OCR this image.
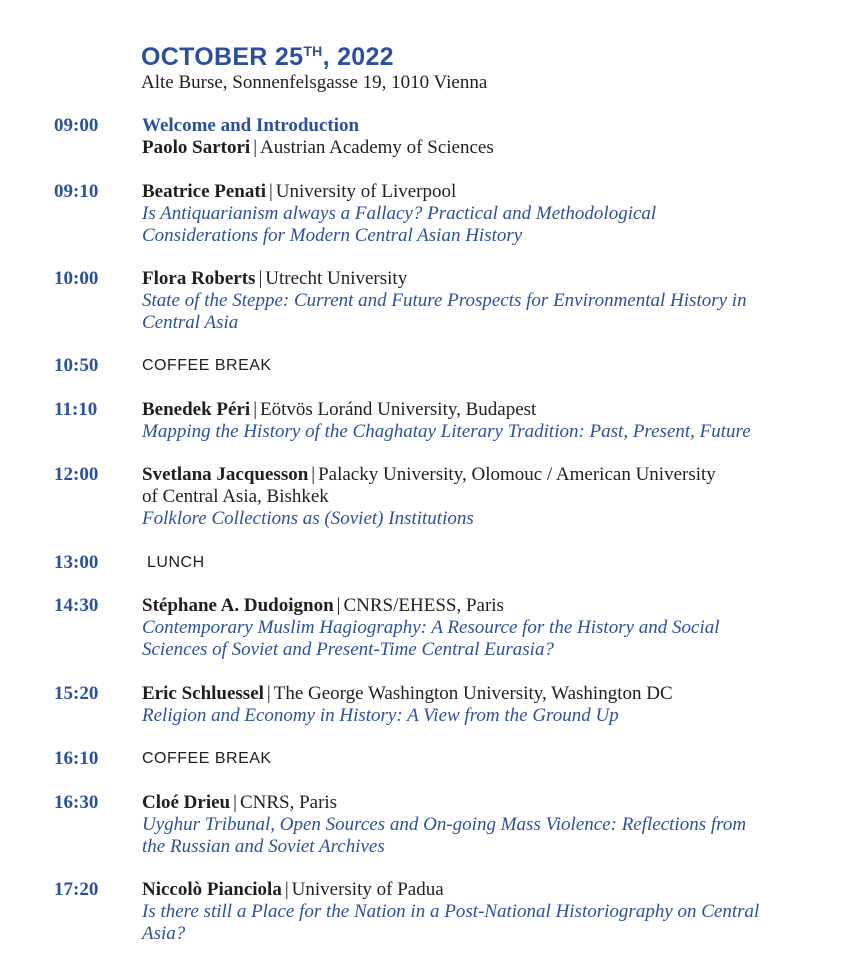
OCTOBER 25TH, 2022
Alte Burse, Sonnenfelsgasse 19, 1010 Vienna
09:00 Welcome and Introduction
Paolo Sartori | Austrian Academy of Sciences
09:10 Beatrice Penati | University of Liverpool
Is Antiquarianism always a Fallacy? Practical and Methodological
Considerations for Modern Central Asian History
10:00 Flora Roberts | Utrecht University
State of the Steppe: Current and Future Prospects for Environmental History in
Central Asia
10:50	COFFEE BREAK
11:10 Benedek Péri | Eötvös Loránd University, Budapest
Mapping the History of the Chaghatay Literary Tradition: Past, Present, Future
12:00 Svetlana Jacquesson | Palacky University, Olomouc / American University
of Central Asia, Bishkek
Folklore Collections as (Soviet) Institutions
13:00	LUNCH
14:30 Stéphane A. Dudoignon | CNRS/EHESS, Paris
Contemporary Muslim Hagiography: A Resource for the History and Social
Sciences of Soviet and Present-Time Central Eurasia?
15:20 Eric Schluessel | The George Washington University, Washington DC
Religion and Economy in History: A View from the Ground Up
16:10	COFFEE BREAK
16:30 Cloé Drieu | CNRS, Paris
Uyghur Tribunal, Open Sources and On-going Mass Violence: Reflections from
the Russian and Soviet Archives
17:20 Niccolò Pianciola | University of Padua
Is there still a Place for the Nation in a Post-National Historiography on Central
Asia?
